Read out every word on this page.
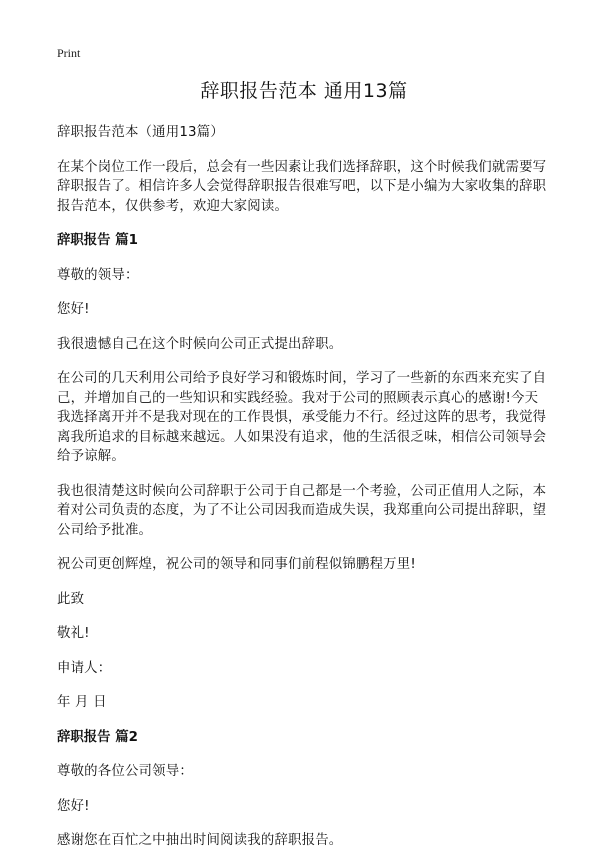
Print
辞职报告范本 通用13篇

辞职报告范本（通用13篇）

在某个岗位工作一段后，总会有一些因素让我们选择辞职，这个时候我们就需要写辞职报告了。相信许多人会觉得辞职报告很难写吧，以下是小编为大家收集的辞职报告范本，仅供参考，欢迎大家阅读。

辞职报告 篇1

尊敬的领导：

您好!

我很遗憾自己在这个时候向公司正式提出辞职。

在公司的几天利用公司给予良好学习和锻炼时间，学习了一些新的东西来充实了自己，并增加自己的一些知识和实践经验。我对于公司的照顾表示真心的感谢!今天我选择离开并不是我对现在的工作畏惧，承受能力不行。经过这阵的思考，我觉得离我所追求的目标越来越远。人如果没有追求，他的生活很乏味，相信公司领导会给予谅解。

我也很清楚这时候向公司辞职于公司于自己都是一个考验，公司正值用人之际，本着对公司负责的态度，为了不让公司因我而造成失误，我郑重向公司提出辞职，望公司给予批准。

祝公司更创辉煌，祝公司的领导和同事们前程似锦鹏程万里!

此致

敬礼!

申请人：

年 月 日

辞职报告 篇2

尊敬的各位公司领导：

您好!

感谢您在百忙之中抽出时间阅读我的辞职报告。
